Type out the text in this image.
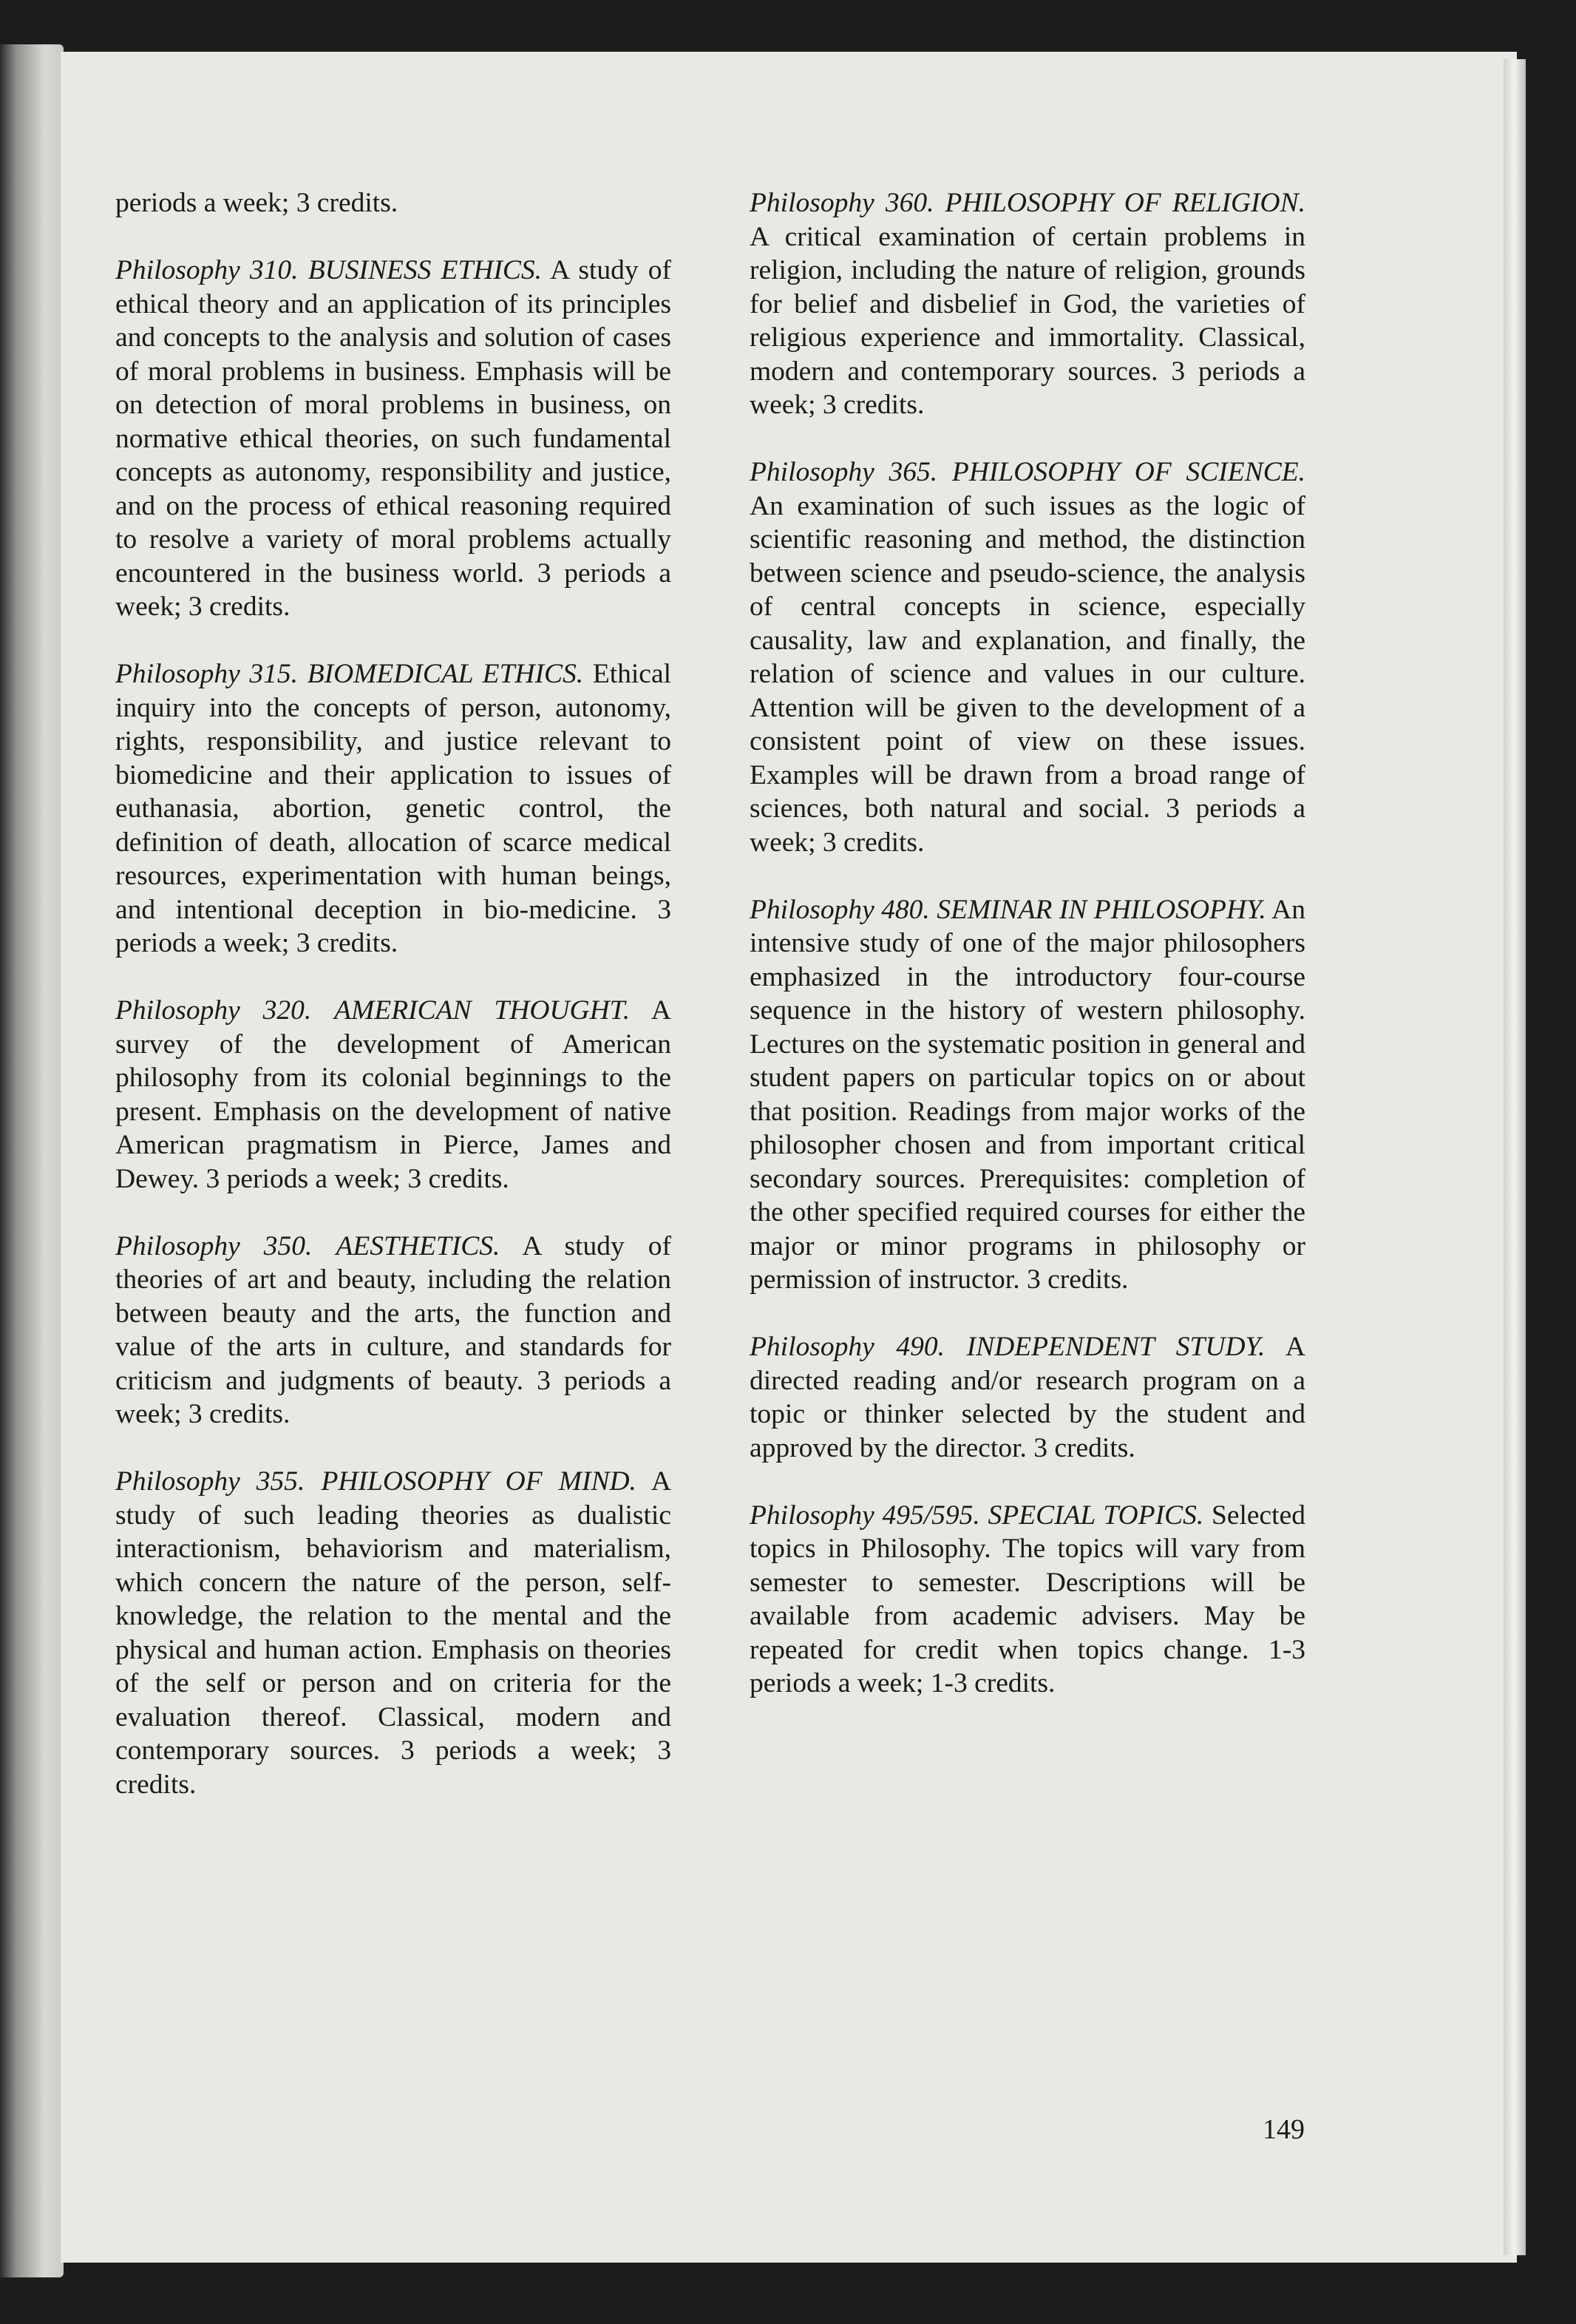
periods a week; 3 credits.

Philosophy 310. BUSINESS ETHICS. A study of ethical theory and an application of its principles and concepts to the analysis and solution of cases of moral problems in business. Emphasis will be on detection of moral problems in business, on normative ethical theories, on such fundamental concepts as autonomy, responsibility and justice, and on the process of ethical reasoning required to resolve a variety of moral problems actually encountered in the business world. 3 periods a week; 3 credits.

Philosophy 315. BIOMEDICAL ETHICS. Ethical inquiry into the concepts of person, autonomy, rights, responsibility, and justice relevant to biomedicine and their application to issues of euthanasia, abortion, genetic control, the definition of death, allocation of scarce medical resources, experimentation with human beings, and intentional deception in bio-medicine. 3 periods a week; 3 credits.

Philosophy 320. AMERICAN THOUGHT. A survey of the development of American philosophy from its colonial beginnings to the present. Emphasis on the development of native American pragmatism in Pierce, James and Dewey. 3 periods a week; 3 credits.

Philosophy 350. AESTHETICS. A study of theories of art and beauty, including the relation between beauty and the arts, the function and value of the arts in culture, and standards for criticism and judgments of beauty. 3 periods a week; 3 credits.

Philosophy 355. PHILOSOPHY OF MIND. A study of such leading theories as dualistic interactionism, behaviorism and materialism, which concern the nature of the person, self-knowledge, the relation to the mental and the physical and human action. Emphasis on theories of the self or person and on criteria for the evaluation thereof. Classical, modern and contemporary sources. 3 periods a week; 3 credits.

Philosophy 360. PHILOSOPHY OF RELIGION. A critical examination of certain problems in religion, including the nature of religion, grounds for belief and disbelief in God, the varieties of religious experience and immortality. Classical, modern and contemporary sources. 3 periods a week; 3 credits.

Philosophy 365. PHILOSOPHY OF SCIENCE. An examination of such issues as the logic of scientific reasoning and method, the distinction between science and pseudo-science, the analysis of central concepts in science, especially causality, law and explanation, and finally, the relation of science and values in our culture. Attention will be given to the development of a consistent point of view on these issues. Examples will be drawn from a broad range of sciences, both natural and social. 3 periods a week; 3 credits.

Philosophy 480. SEMINAR IN PHILOSOPHY. An intensive study of one of the major philosophers emphasized in the introductory four-course sequence in the history of western philosophy. Lectures on the systematic position in general and student papers on particular topics on or about that position. Readings from major works of the philosopher chosen and from important critical secondary sources. Prerequisites: completion of the other specified required courses for either the major or minor programs in philosophy or permission of instructor. 3 credits.

Philosophy 490. INDEPENDENT STUDY. A directed reading and/or research program on a topic or thinker selected by the student and approved by the director. 3 credits.

Philosophy 495/595. SPECIAL TOPICS. Selected topics in Philosophy. The topics will vary from semester to semester. Descriptions will be available from academic advisers. May be repeated for credit when topics change. 1-3 periods a week; 1-3 credits.

149
